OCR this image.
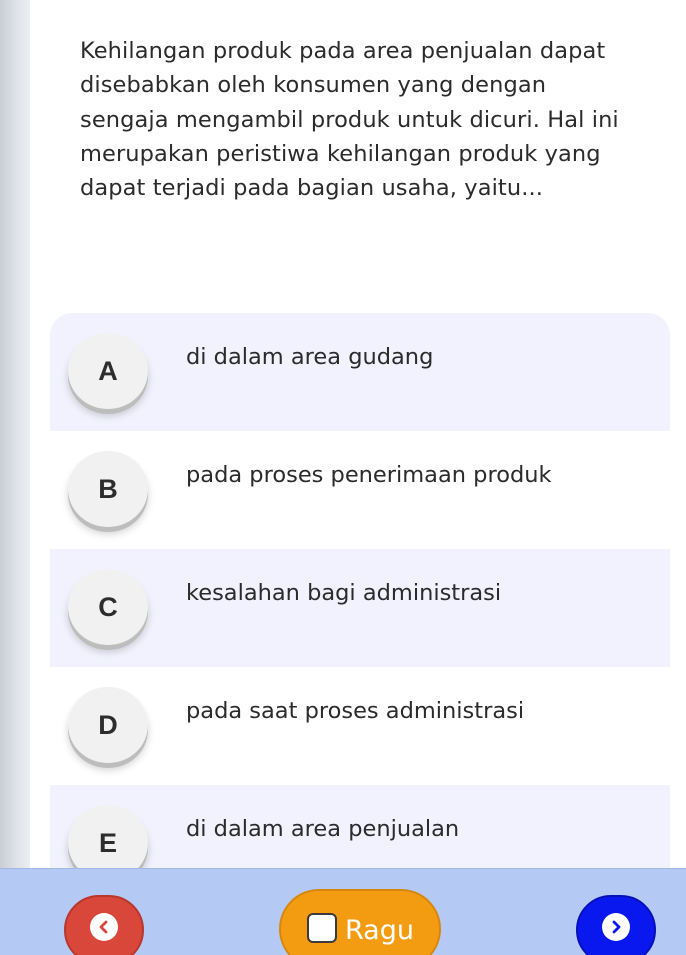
Kehilangan produk pada area penjualan dapat disebabkan oleh konsumen yang dengan sengaja mengambil produk untuk dicuri. Hal ini merupakan peristiwa kehilangan produk yang dapat terjadi pada bagian usaha, yaitu...
A	di dalam area gudang
B	pada proses penerimaan produk
C	kesalahan bagi administrasi
D	pada saat proses administrasi
E	di dalam area penjualan
Ragu
